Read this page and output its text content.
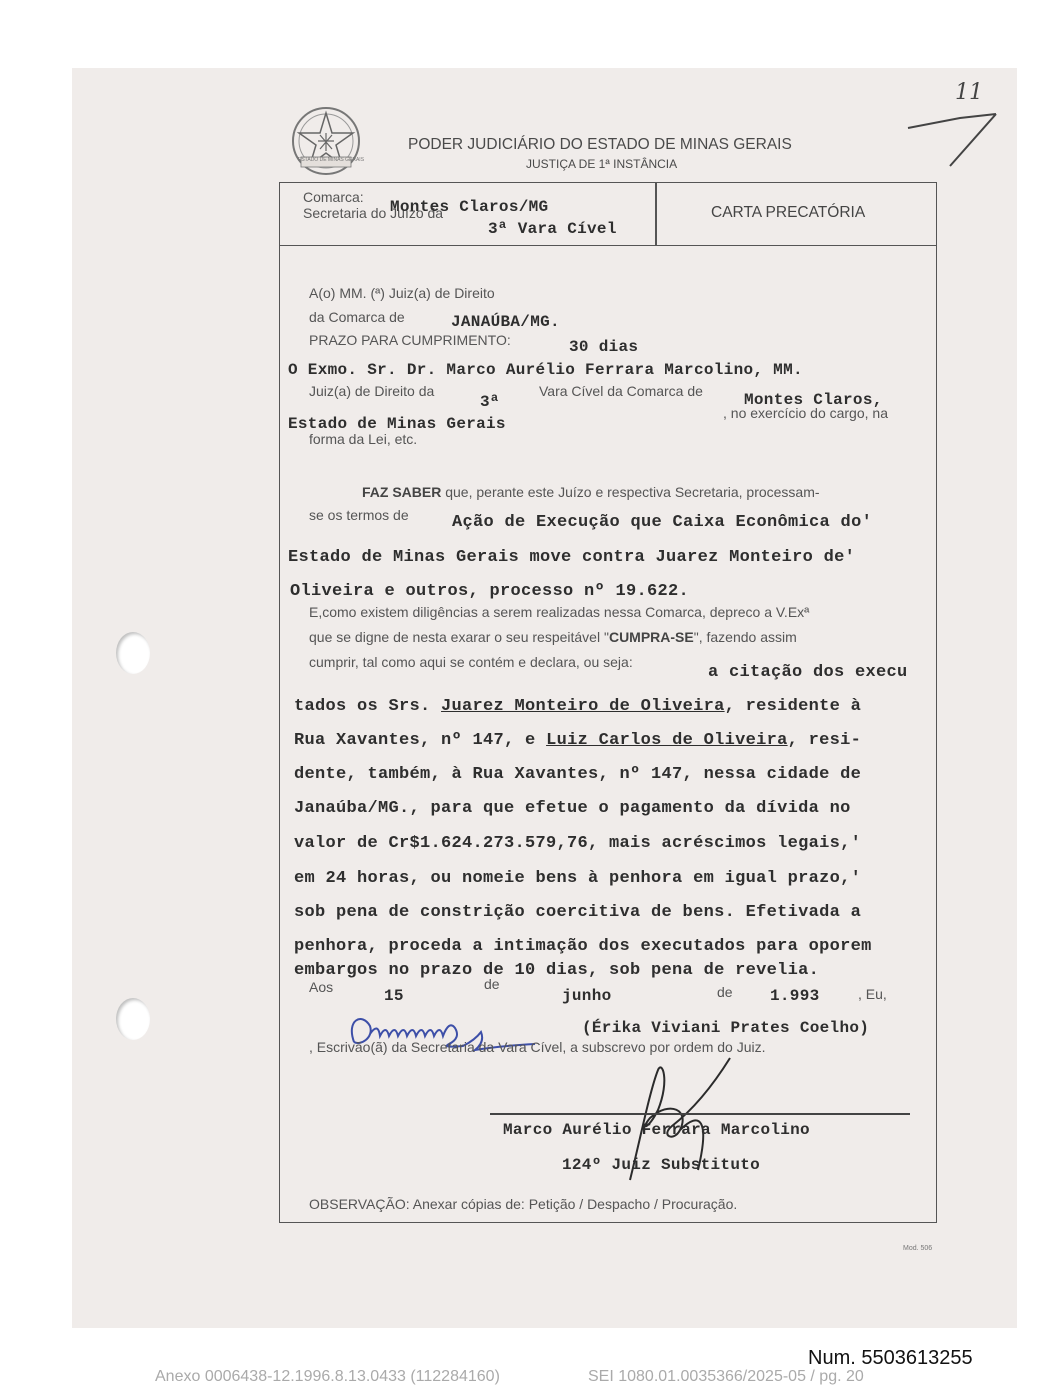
ESTADO DE MINAS GERAIS
PODER JUDICIÁRIO DO ESTADO DE MINAS GERAIS
JUSTIÇA DE 1ª INSTÂNCIA
11
Comarca:
Secretaria do Juízo da
Montes Claros/MG
3ª Vara Cível
CARTA PRECATÓRIA
A(o) MM. (ª) Juiz(a) de Direito
da Comarca de	JANAÚBA/MG.
PRAZO PARA CUMPRIMENTO:	30 dias
O Exmo. Sr. Dr. Marco Aurélio Ferrara Marcolino, MM.
Juiz(a) de Direito da
3ª
Vara Cível da Comarca de	Montes Claros,
, no exercício do cargo, na
Estado de Minas Gerais
forma da Lei, etc.
FAZ SABER que, perante este Juízo e respectiva Secretaria, processam-
se os termos de	Ação de Execução que Caixa Econômica do'
Estado de Minas Gerais move contra Juarez Monteiro de'
Oliveira e outros, processo nº 19.622.
E,como existem diligências a serem realizadas nessa Comarca, depreco a V.Exª
que se digne de nesta exarar o seu respeitável "CUMPRA-SE", fazendo assim
cumprir, tal como aqui se contém e declara, ou seja:
a citação dos execu
tados os Srs. Juarez Monteiro de Oliveira, residente à
Rua Xavantes, nº 147, e Luiz Carlos de Oliveira, resi-
dente, também, à Rua Xavantes, nº 147, nessa cidade de
Janaúba/MG., para que efetue o pagamento da dívida no
valor de Cr$1.624.273.579,76, mais acréscimos legais,'
em 24 horas, ou nomeie bens à penhora em igual prazo,'
sob pena de constrição coercitiva de bens. Efetivada a
penhora, proceda a intimação dos executados para oporem
embargos no prazo de 10 dias, sob pena de revelia.
Aos	15
de
junho	de 1.993	, Eu,
(Érika Viviani Prates Coelho)
, Escrivão(ã) da Secretaria da Vara Cível, a subscrevo por ordem do Juiz.
Marco Aurélio Ferrara Marcolino
124º Juiz Substituto
OBSERVAÇÃO: Anexar cópias de: Petição / Despacho / Procuração.
Mod. 506
Num. 5503613255
Anexo 0006438-12.1996.8.13.0433 (112284160)	SEI 1080.01.0035366/2025-05 / pg. 20
